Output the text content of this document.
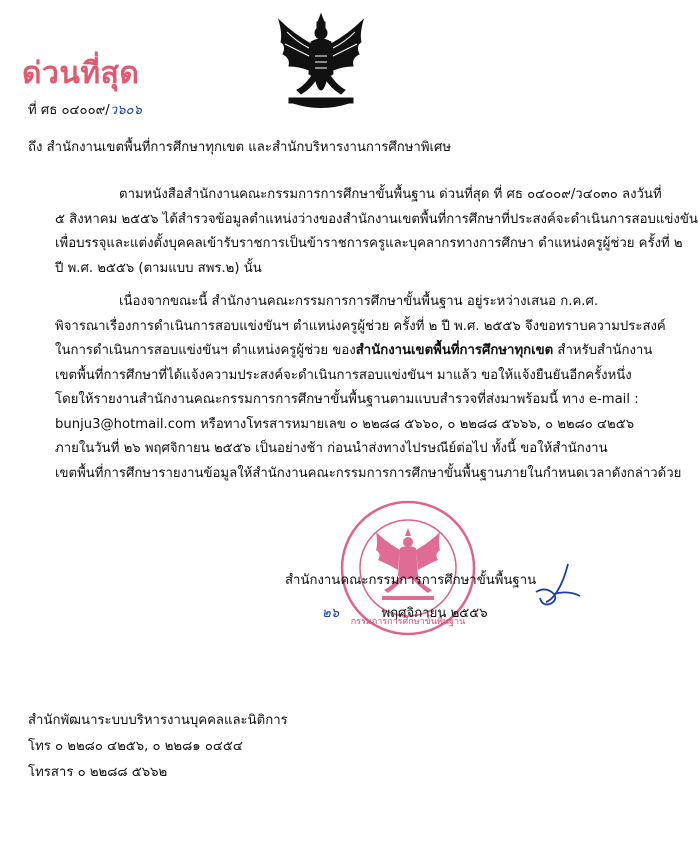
ด่วนที่สุด
ที่ ศธ ๐๔๐๐๙/ว๖๐๖
ถึง สำนักงานเขตพื้นที่การศึกษาทุกเขต และสำนักบริหารงานการศึกษาพิเศษ
ตามหนังสือสำนักงานคณะกรรมการการศึกษาขั้นพื้นฐาน ด่วนที่สุด ที่ ศธ ๐๔๐๐๙/ว๔๐๓๐ ลงวันที่
๕ สิงหาคม ๒๕๕๖ ได้สำรวจข้อมูลตำแหน่งว่างของสำนักงานเขตพื้นที่การศึกษาที่ประสงค์จะดำเนินการสอบแข่งขัน
เพื่อบรรจุและแต่งตั้งบุคคลเข้ารับราชการเป็นข้าราชการครูและบุคลากรทางการศึกษา ตำแหน่งครูผู้ช่วย ครั้งที่ ๒
ปี พ.ศ. ๒๕๕๖ (ตามแบบ สพร.๒) นั้น
เนื่องจากขณะนี้ สำนักงานคณะกรรมการการศึกษาขั้นพื้นฐาน อยู่ระหว่างเสนอ ก.ค.ศ.
พิจารณาเรื่องการดำเนินการสอบแข่งขันฯ ตำแหน่งครูผู้ช่วย ครั้งที่ ๒ ปี พ.ศ. ๒๕๕๖ จึงขอทราบความประสงค์
ในการดำเนินการสอบแข่งขันฯ ตำแหน่งครูผู้ช่วย ของสำนักงานเขตพื้นที่การศึกษาทุกเขต สำหรับสำนักงาน
เขตพื้นที่การศึกษาที่ได้แจ้งความประสงค์จะดำเนินการสอบแข่งขันฯ มาแล้ว ขอให้แจ้งยืนยันอีกครั้งหนึ่ง
โดยให้รายงานสำนักงานคณะกรรมการการศึกษาขั้นพื้นฐานตามแบบสำรวจที่ส่งมาพร้อมนี้ ทาง e-mail :
bunju3@hotmail.com หรือทางโทรสารหมายเลข ๐ ๒๒๘๘ ๕๖๖๐, ๐ ๒๒๘๘ ๕๖๖๖, ๐ ๒๒๘๐ ๔๒๕๖
ภายในวันที่ ๒๖ พฤศจิกายน ๒๕๕๖ เป็นอย่างช้า ก่อนนำส่งทางไปรษณีย์ต่อไป ทั้งนี้ ขอให้สำนักงาน
เขตพื้นที่การศึกษารายงานข้อมูลให้สำนักงานคณะกรรมการการศึกษาขั้นพื้นฐานภายในกำหนดเวลาดังกล่าวด้วย
กรรมการการศึกษาขั้นพื้นฐาน
สำนักงานคณะกรรมการการศึกษาขั้นพื้นฐาน
๒๖	พฤศจิกายน ๒๕๕๖
สำนักพัฒนาระบบบริหารงานบุคคลและนิติการ
โทร ๐ ๒๒๘๐ ๔๒๕๖, ๐ ๒๒๘๑ ๐๔๕๔
โทรสาร ๐ ๒๒๘๘ ๕๖๖๒
